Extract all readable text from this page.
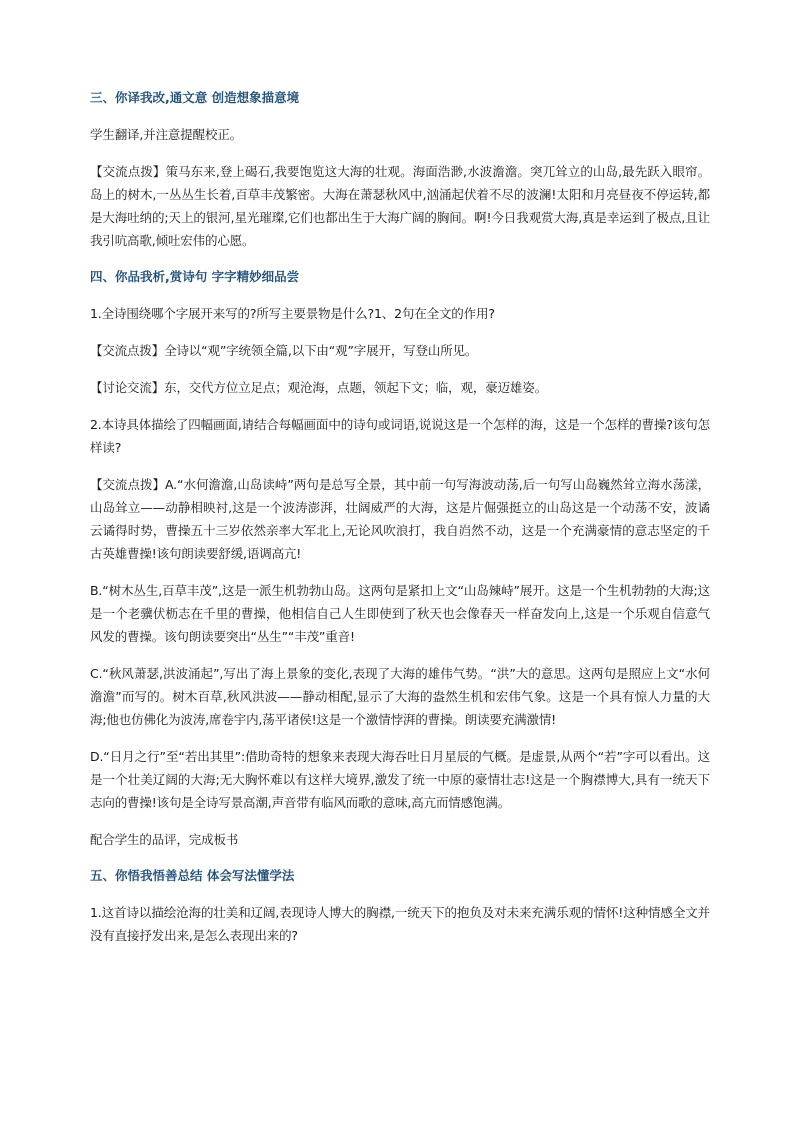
三、你译我改,通文意 创造想象描意境

学生翻译,并注意提醒校正。

【交流点拨】策马东来,登上碣石,我要饱览这大海的壮观。海面浩渺,水波澹澹。突兀耸立的山岛,最先跃入眼帘。岛上的树木,一丛丛生长着,百草丰茂繁密。大海在萧瑟秋风中,汹涌起伏着不尽的波澜!太阳和月亮昼夜不停运转,都是大海吐纳的;天上的银河,星光璀璨,它们也都出生于大海广阔的胸间。啊!今日我观赏大海,真是幸运到了极点,且让我引吭高歌,倾吐宏伟的心愿。

四、你品我析,赏诗句 字字精妙细品尝

1.全诗围绕哪个字展开来写的?所写主要景物是什么?1、2句在全文的作用?

【交流点拨】全诗以“观”字统领全篇,以下由“观”字展开，写登山所见。

【讨论交流】东，交代方位立足点；观沧海，点题，领起下文；临，观，豪迈雄姿。

2.本诗具体描绘了四幅画面,请结合每幅画面中的诗句或词语,说说这是一个怎样的海，这是一个怎样的曹操?该句怎样读?

【交流点拨】A.“水何澹澹,山岛读峙”两句是总写全景，其中前一句写海波动荡,后一句写山岛巍然耸立海水荡漾，山岛耸立——动静相映衬,这是一个波涛澎湃，壮阔威严的大海，这是片倔强挺立的山岛这是一个动荡不安，波谲云谲得时势，曹操五十三岁依然亲率大军北上,无论风吹浪打，我自岿然不动，这是一个充满豪情的意志坚定的千古英雄曹操!该句朗读要舒缓,语调高亢!

B.“树木丛生,百草丰茂”,这是一派生机勃勃山岛。这两句是紧扣上文“山岛辣峙”展开。这是一个生机勃勃的大海;这是一个老骥伏枥志在千里的曹操，他相信自己人生即使到了秋天也会像春天一样奋发向上,这是一个乐观自信意气风发的曹操。该句朗读要突出“丛生”“丰茂”重音!

C.“秋风萧瑟,洪波涌起”,写出了海上景象的变化,表现了大海的雄伟气势。“洪”大的意思。这两句是照应上文“水何澹澹”而写的。树木百草,秋风洪波——静动相配,显示了大海的盎然生机和宏伟气象。这是一个具有惊人力量的大海;他也仿佛化为波涛,席卷宇内,荡平诸侯!这是一个激情悖湃的曹操。朗读要充满激情!

D.“日月之行”至“若出其里”:借助奇特的想象来表现大海吞吐日月星辰的气概。是虚景,从两个“若”字可以看出。这是一个壮美辽阔的大海;无大胸怀难以有这样大境界,激发了统一中原的豪情壮志!这是一个胸襟博大,具有一统天下志向的曹操!该句是全诗写景高潮,声音带有临风而歌的意味,高亢而情感饱满。

配合学生的品评，完成板书

五、你悟我悟善总结 体会写法懂学法

1.这首诗以描绘沧海的壮美和辽阔,表现诗人博大的胸襟,一统天下的抱负及对未来充满乐观的情怀!这种情感全文并没有直接抒发出来,是怎么表现出来的?
